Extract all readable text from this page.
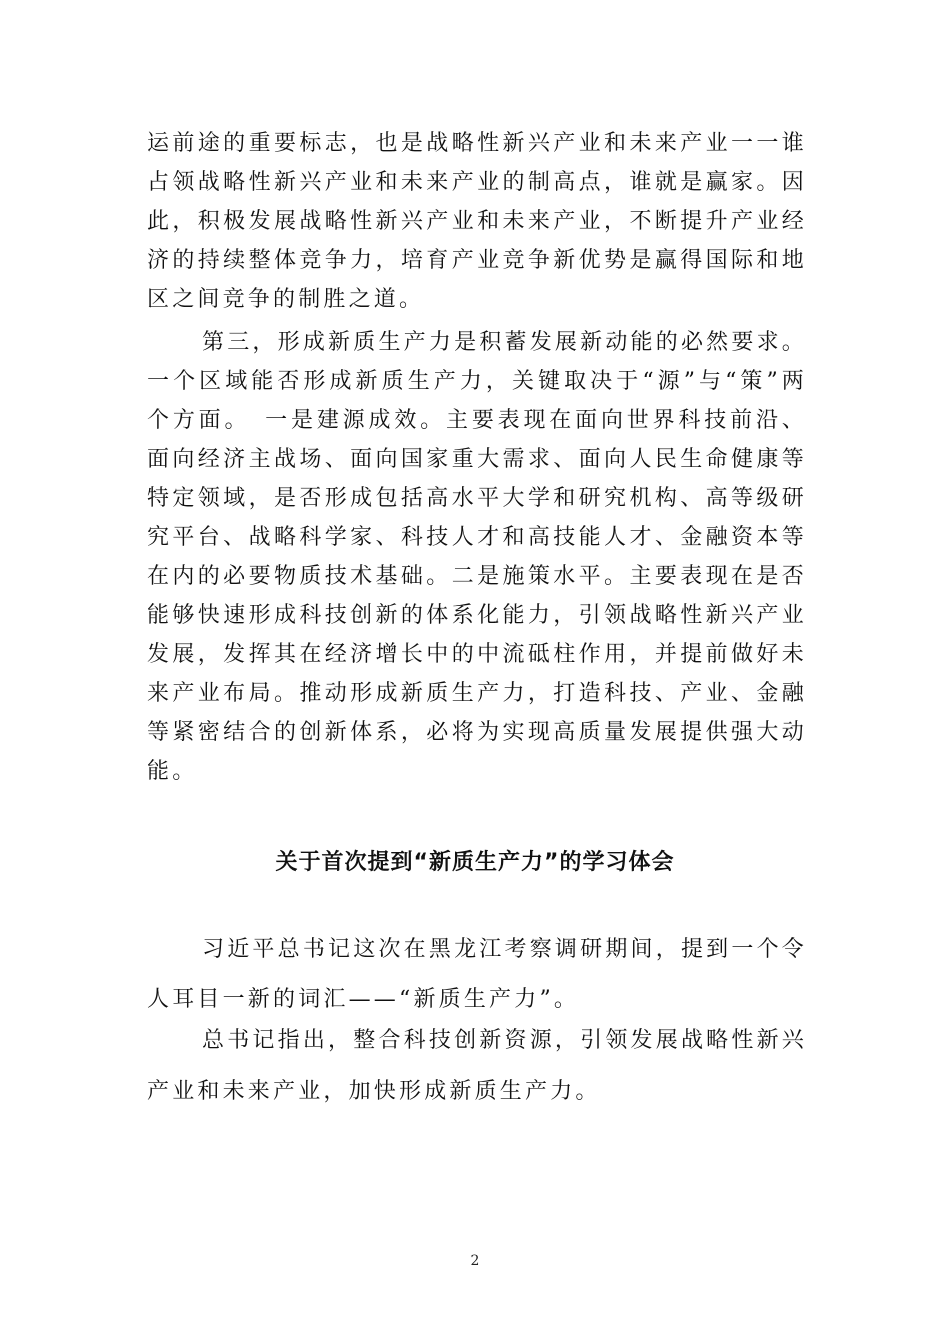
运前途的重要标志，也是战略性新兴产业和未来产业一一谁占领战略性新兴产业和未来产业的制高点，谁就是赢家。因此，积极发展战略性新兴产业和未来产业，不断提升产业经济的持续整体竞争力，培育产业竞争新优势是赢得国际和地区之间竞争的制胜之道。

第三，形成新质生产力是积蓄发展新动能的必然要求。一个区域能否形成新质生产力，关键取决于“源”与“策”两个方面。　一是建源成效。主要表现在面向世界科技前沿、面向经济主战场、面向国家重大需求、面向人民生命健康等特定领域，是否形成包括高水平大学和研究机构、高等级研究平台、战略科学家、科技人才和高技能人才、金融资本等在内的必要物质技术基础。二是施策水平。主要表现在是否能够快速形成科技创新的体系化能力，引领战略性新兴产业发展，发挥其在经济增长中的中流砥柱作用，并提前做好未来产业布局。推动形成新质生产力，打造科技、产业、金融等紧密结合的创新体系，必将为实现高质量发展提供强大动能。

关于首次提到“新质生产力”的学习体会

习近平总书记这次在黑龙江考察调研期间，提到一个令人耳目一新的词汇——“新质生产力”。

总书记指出，整合科技创新资源，引领发展战略性新兴产业和未来产业，加快形成新质生产力。

2
